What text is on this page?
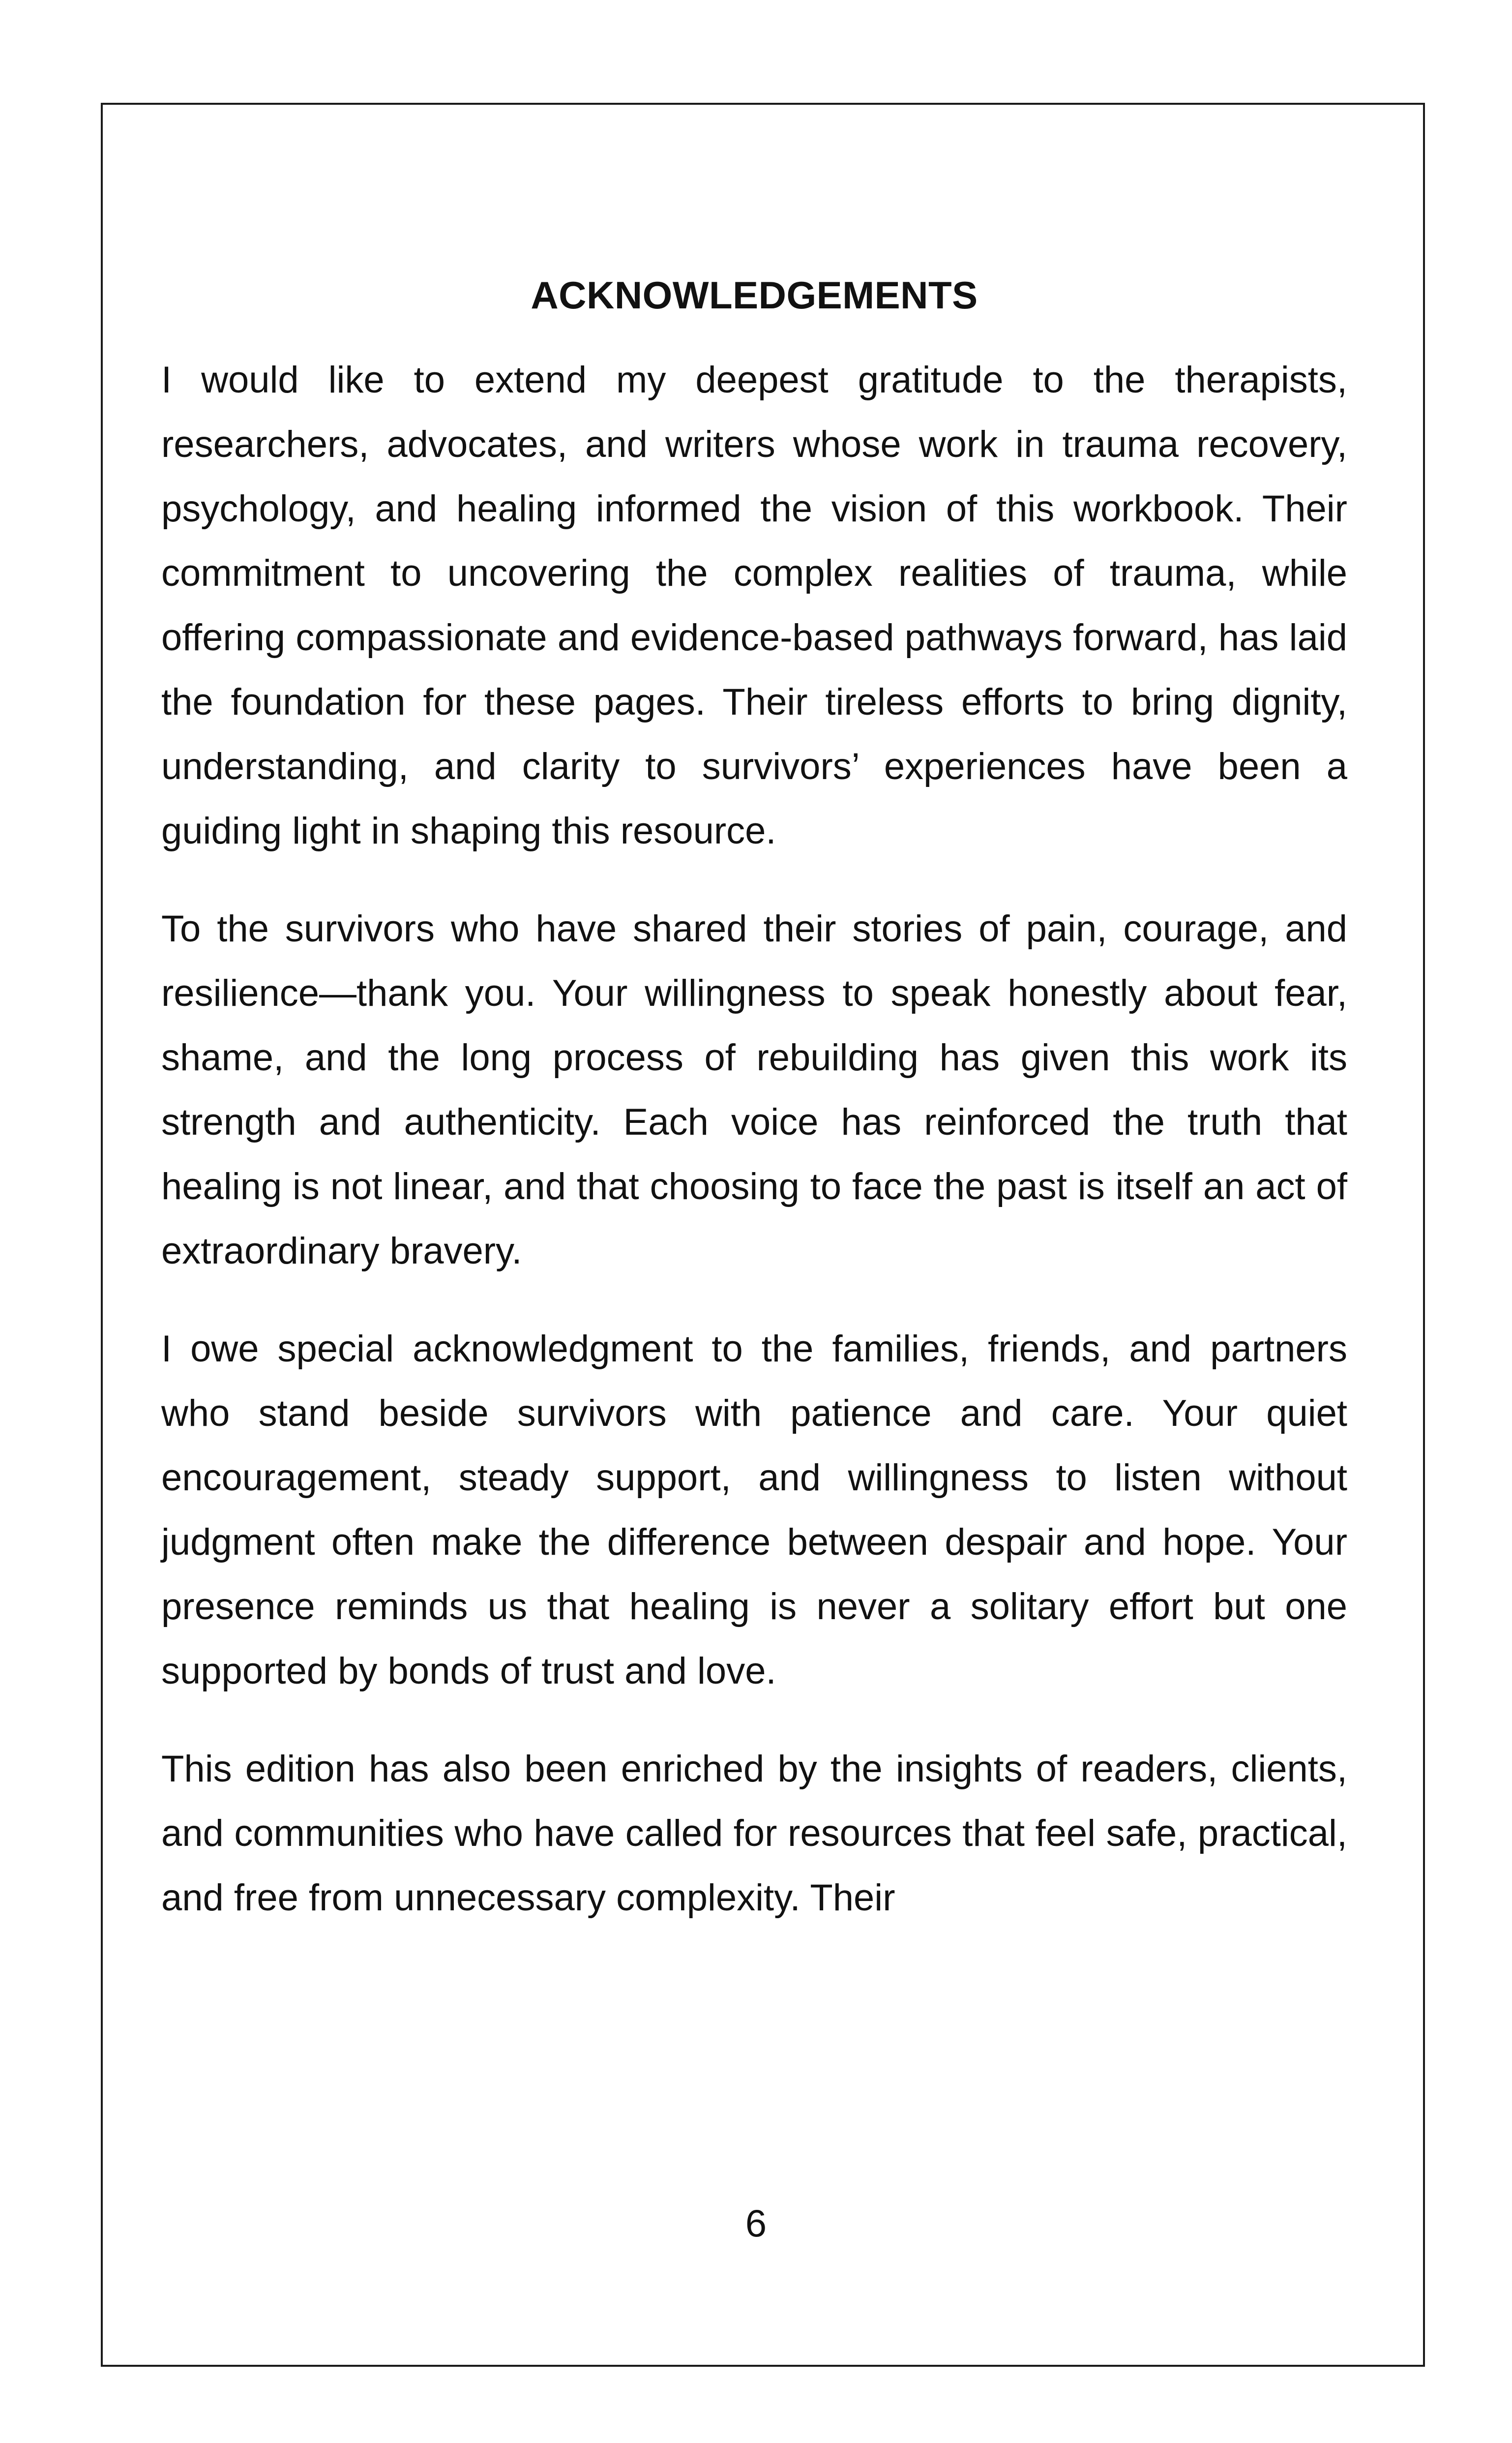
ACKNOWLEDGEMENTS

I would like to extend my deepest gratitude to the therapists, researchers, advocates, and writers whose work in trauma recovery, psychology, and healing informed the vision of this workbook. Their commitment to uncovering the complex realities of trauma, while offering compassionate and evidence-based pathways forward, has laid the foundation for these pages. Their tireless efforts to bring dignity, understanding, and clarity to survivors’ experiences have been a guiding light in shaping this resource.

To the survivors who have shared their stories of pain, courage, and resilience—thank you. Your willingness to speak honestly about fear, shame, and the long process of rebuilding has given this work its strength and authenticity. Each voice has reinforced the truth that healing is not linear, and that choosing to face the past is itself an act of extraordinary bravery.

I owe special acknowledgment to the families, friends, and partners who stand beside survivors with patience and care. Your quiet encouragement, steady support, and willingness to listen without judgment often make the difference between despair and hope. Your presence reminds us that healing is never a solitary effort but one supported by bonds of trust and love.

This edition has also been enriched by the insights of readers, clients, and communities who have called for resources that feel safe, practical, and free from unnecessary complexity. Their

6
